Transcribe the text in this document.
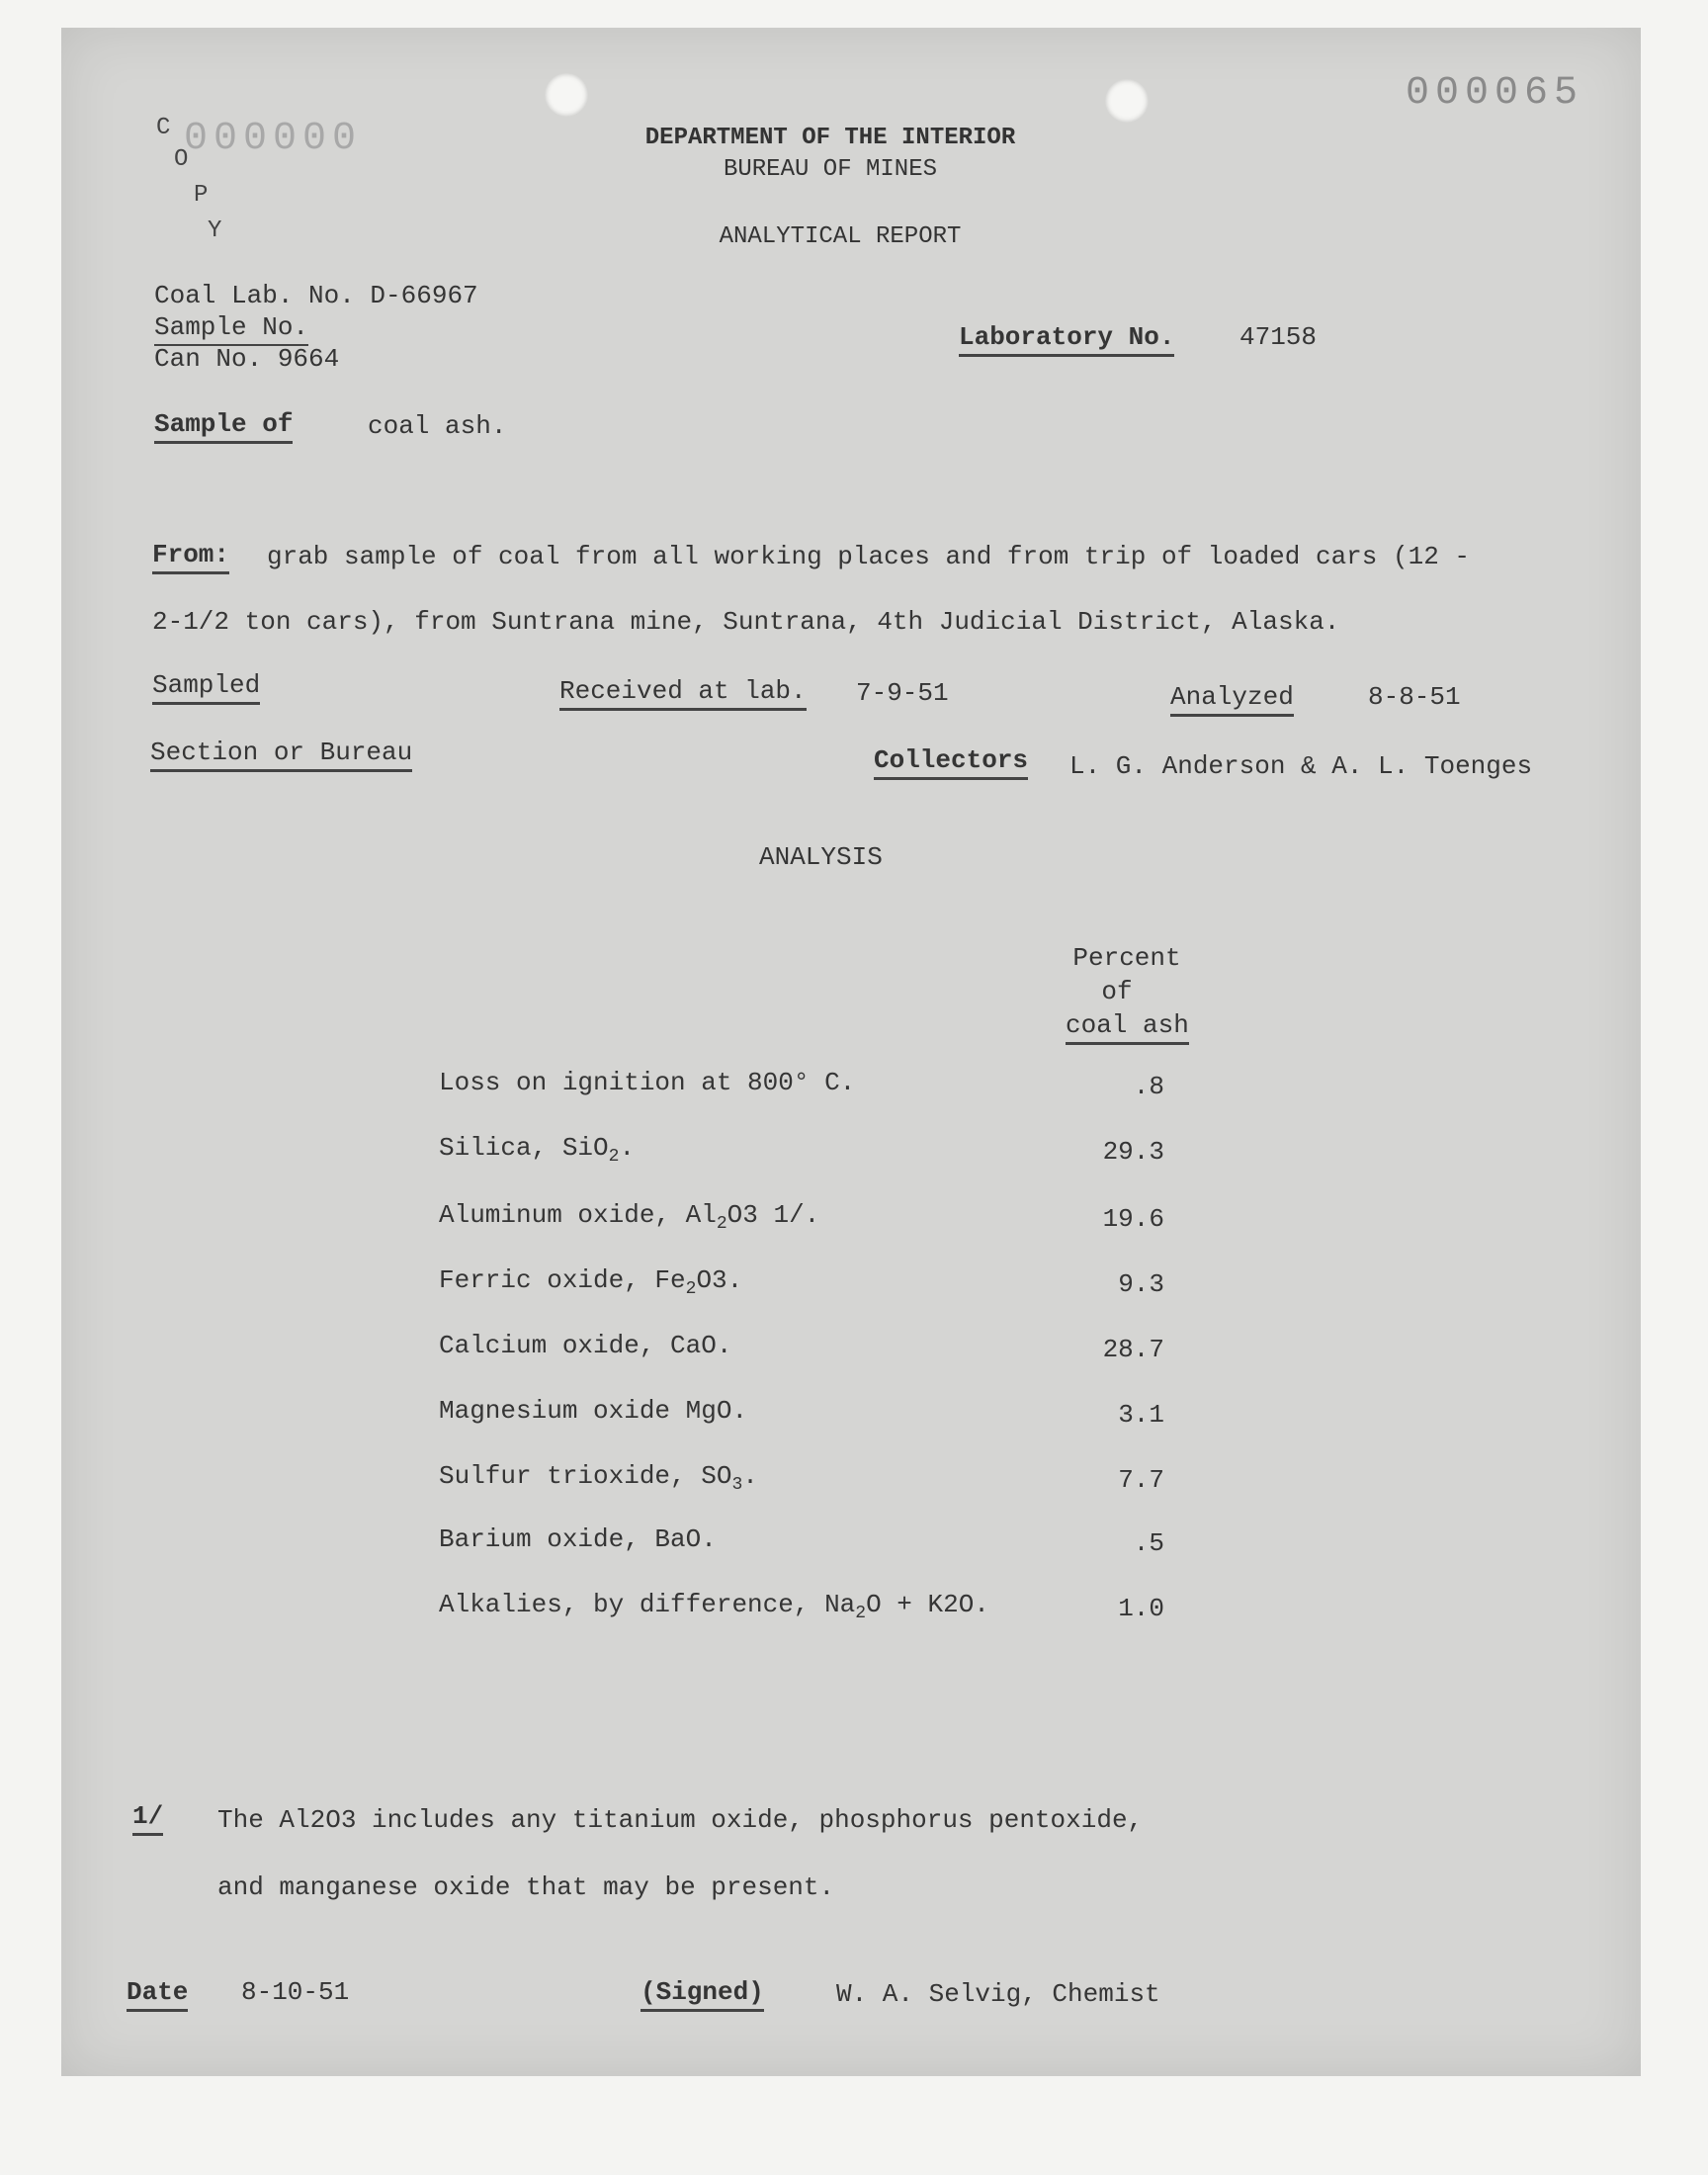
000065
000000
C
O
P
Y
DEPARTMENT OF THE INTERIOR
BUREAU OF MINES
ANALYTICAL REPORT
Coal Lab. No. D-66967
Sample No.
Can No. 9664
Laboratory No.	47158
Sample of	coal ash.
From: grab sample of coal from all working places and from trip of loaded cars (12 -
2-1/2 ton cars), from Suntrana mine, Suntrana, 4th Judicial District, Alaska.
Sampled	Received at lab. 7-9-51	Analyzed	8-8-51
Section or Bureau	Collectors L. G. Anderson & A. L. Toenges
ANALYSIS
Percent
of
coal ash
Loss on ignition at 800° C.	.8
Silica, SiO$_2$.	29.3
Aluminum oxide, $Al_2O3$ 1/.	19.6
Ferric oxide, $Fe_2O3$.	9.3
Calcium oxide, CaO.	28.7
Magnesium oxide MgO.	3.1
Sulfur trioxide, $SO_3$.	7.7
Barium oxide, BaO.	.5
Alkalies, by difference, $Na_2O + K2O$.	1.0
1/ The Al2O3 includes any titanium oxide, phosphorus pentoxide,
and manganese oxide that may be present.
Date 8-10-51	(Signed)	W. A. Selvig, Chemist
